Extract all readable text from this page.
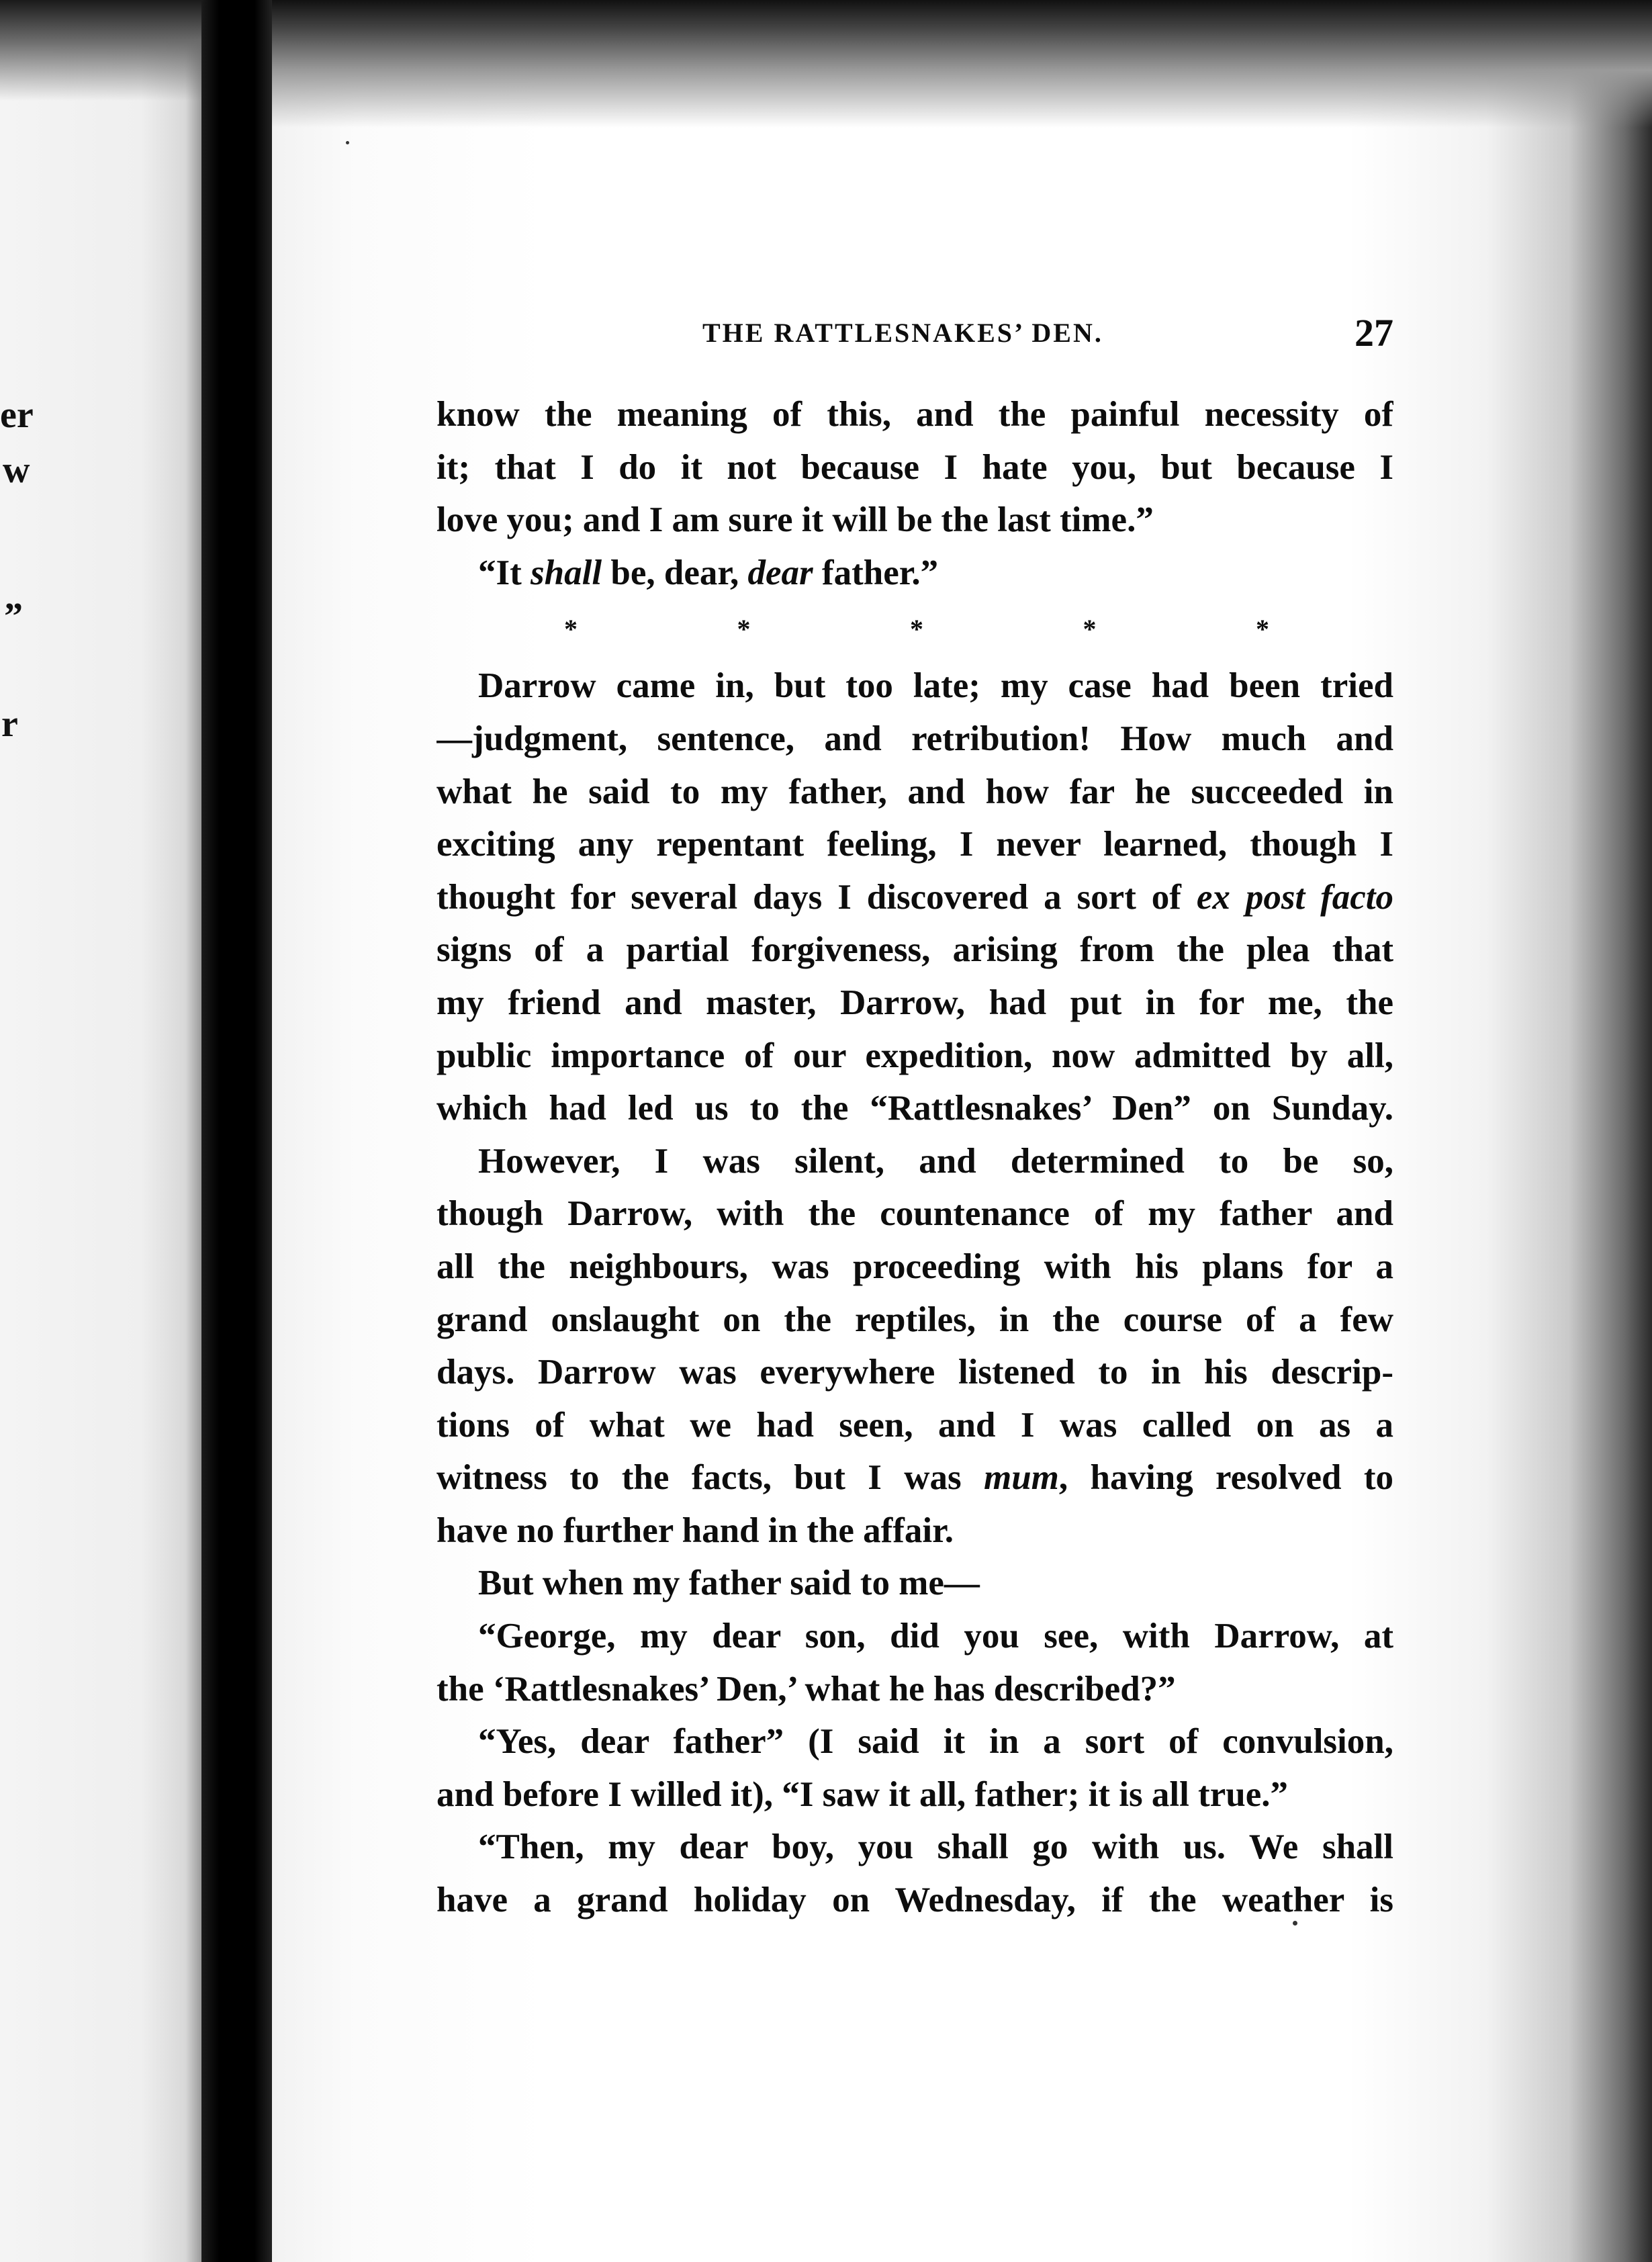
er
w
”
r
THE RATTLESNAKES’ DEN.	27
know the meaning of this, and the painful necessity of
it; that I do it not because I hate you, but because I
love you; and I am sure it will be the last time.”
“It shall be, dear, dear father.”
*	*	*	*	*
Darrow came in, but too late; my case had been tried
—judgment, sentence, and retribution! How much and
what he said to my father, and how far he succeeded in
exciting any repentant feeling, I never learned, though I
thought for several days I discovered a sort of ex post facto
signs of a partial forgiveness, arising from the plea that
my friend and master, Darrow, had put in for me, the
public importance of our expedition, now admitted by all,
which had led us to the “Rattlesnakes’ Den” on Sunday.
However, I was silent, and determined to be so,
though Darrow, with the countenance of my father and
all the neighbours, was proceeding with his plans for a
grand onslaught on the reptiles, in the course of a few
days. Darrow was everywhere listened to in his descrip-
tions of what we had seen, and I was called on as a
witness to the facts, but I was mum, having resolved to
have no further hand in the affair.
But when my father said to me—
“George, my dear son, did you see, with Darrow, at
the ‘Rattlesnakes’ Den,’ what he has described?”
“Yes, dear father” (I said it in a sort of convulsion,
and before I willed it), “I saw it all, father; it is all true.”
“Then, my dear boy, you shall go with us. We shall
have a grand holiday on Wednesday, if the weather is
